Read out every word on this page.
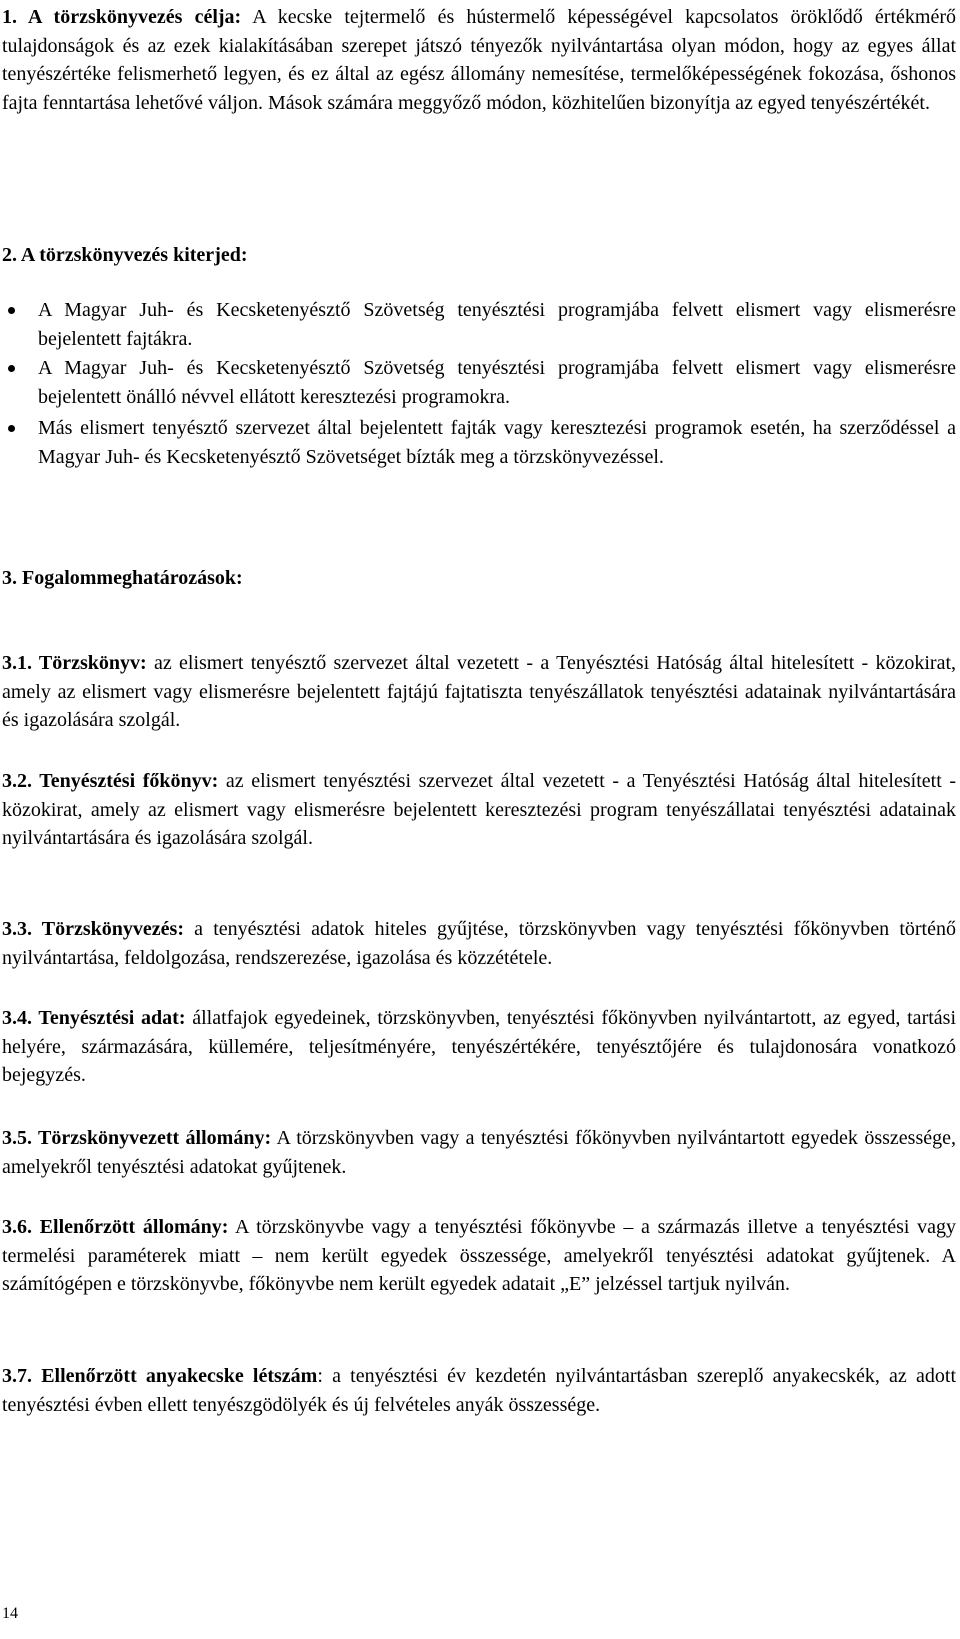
1. A törzskönyvezés célja: A kecske tejtermelő és hústermelő képességével kapcsolatos öröklődő értékmérő tulajdonságok és az ezek kialakításában szerepet játszó tényezők nyilvántartása olyan módon, hogy az egyes állat tenyészértéke felismerhető legyen, és ez által az egész állomány nemesítése, termelőképességének fokozása, őshonos fajta fenntartása lehetővé váljon. Mások számára meggyőző módon, közhitelűen bizonyítja az egyed tenyészértékét.

2. A törzskönyvezés kiterjed:

A Magyar Juh- és Kecsketenyésztő Szövetség tenyésztési programjába felvett elismert vagy elismerésre bejelentett fajtákra.

A Magyar Juh- és Kecsketenyésztő Szövetség tenyésztési programjába felvett elismert vagy elismerésre bejelentett önálló névvel ellátott keresztezési programokra.

Más elismert tenyésztő szervezet által bejelentett fajták vagy keresztezési programok esetén, ha szerződéssel a Magyar Juh- és Kecsketenyésztő Szövetséget bízták meg a törzskönyvezéssel.

3. Fogalommeghatározások:

3.1. Törzskönyv: az elismert tenyésztő szervezet által vezetett - a Tenyésztési Hatóság által hitelesített - közokirat, amely az elismert vagy elismerésre bejelentett fajtájú fajtatiszta tenyészállatok tenyésztési adatainak nyilvántartására és igazolására szolgál.

3.2. Tenyésztési főkönyv: az elismert tenyésztési szervezet által vezetett - a Tenyésztési Hatóság által hitelesített - közokirat, amely az elismert vagy elismerésre bejelentett keresztezési program tenyészállatai tenyésztési adatainak nyilvántartására és igazolására szolgál.

3.3. Törzskönyvezés: a tenyésztési adatok hiteles gyűjtése, törzskönyvben vagy tenyésztési főkönyvben történő nyilvántartása, feldolgozása, rendszerezése, igazolása és közzététele.

3.4. Tenyésztési adat: állatfajok egyedeinek, törzskönyvben, tenyésztési főkönyvben nyilvántartott, az egyed, tartási helyére, származására, küllemére, teljesítményére, tenyészértékére, tenyésztőjére és tulajdonosára vonatkozó bejegyzés.

3.5. Törzskönyvezett állomány: A törzskönyvben vagy a tenyésztési főkönyvben nyilvántartott egyedek összessége, amelyekről tenyésztési adatokat gyűjtenek.

3.6. Ellenőrzött állomány: A törzskönyvbe vagy a tenyésztési főkönyvbe – a származás illetve a tenyésztési vagy termelési paraméterek miatt – nem került egyedek összessége, amelyekről tenyésztési adatokat gyűjtenek. A számítógépen e törzskönyvbe, főkönyvbe nem került egyedek adatait „E” jelzéssel tartjuk nyilván.

3.7. Ellenőrzött anyakecske létszám: a tenyésztési év kezdetén nyilvántartásban szereplő anyakecskék, az adott tenyésztési évben ellett tenyészgödölyék és új felvételes anyák összessége.

14
